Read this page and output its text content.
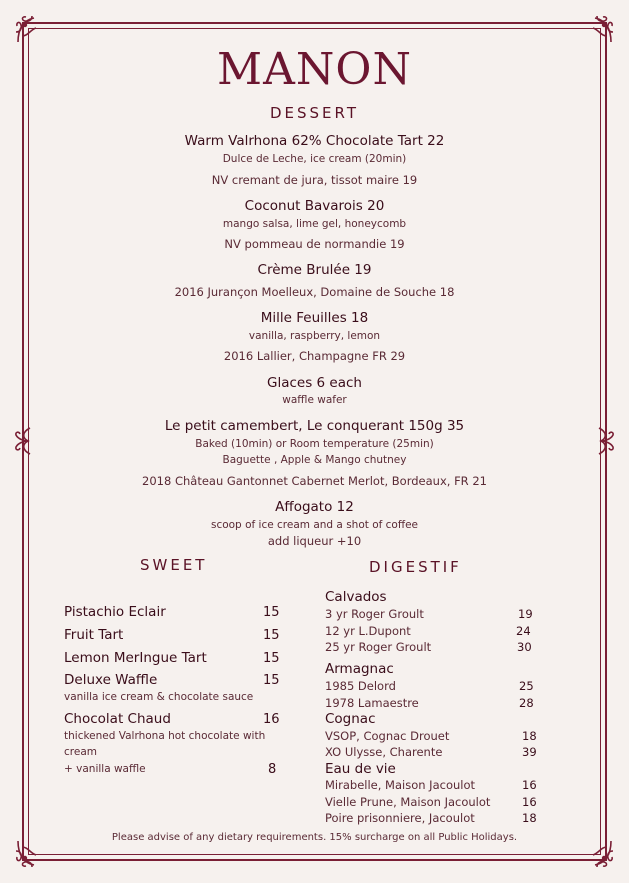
MANON
DESSERT
Warm Valrhona 62% Chocolate Tart 22
Dulce de Leche, ice cream (20min)
NV cremant de jura, tissot maire 19
Coconut Bavarois 20
mango salsa, lime gel, honeycomb
NV pommeau de normandie 19
Crème Brulée 19
2016 Jurançon Moelleux, Domaine de Souche 18
Mille Feuilles 18
vanilla, raspberry, lemon
2016 Lallier, Champagne FR 29
Glaces 6 each
waffle wafer
Le petit camembert, Le conquerant 150g 35
Baked (10min) or Room temperature (25min)
Baguette , Apple & Mango chutney
2018 Château Gantonnet Cabernet Merlot, Bordeaux, FR 21
Affogato 12
scoop of ice cream and a shot of coffee
add liqueur +10
SWEET
Pistachio Eclair	15
Fruit Tart	15
Lemon MerIngue Tart	15
Deluxe Waffle	15
vanilla ice cream & chocolate sauce
Chocolat Chaud	16
thickened Valrhona hot chocolate with
cream
+ vanilla waffle	8
DIGESTIF
Calvados
3 yr Roger Groult	19
12 yr L.Dupont	24
25 yr Roger Groult	30
Armagnac
1985 Delord	25
1978 Lamaestre	28
Cognac
VSOP, Cognac Drouet	18
XO Ulysse, Charente	39
Eau de vie
Mirabelle, Maison Jacoulot	16
Vielle Prune, Maison Jacoulot	16
Poire prisonniere, Jacoulot	18
Please advise of any dietary requirements. 15% surcharge on all Public Holidays.
